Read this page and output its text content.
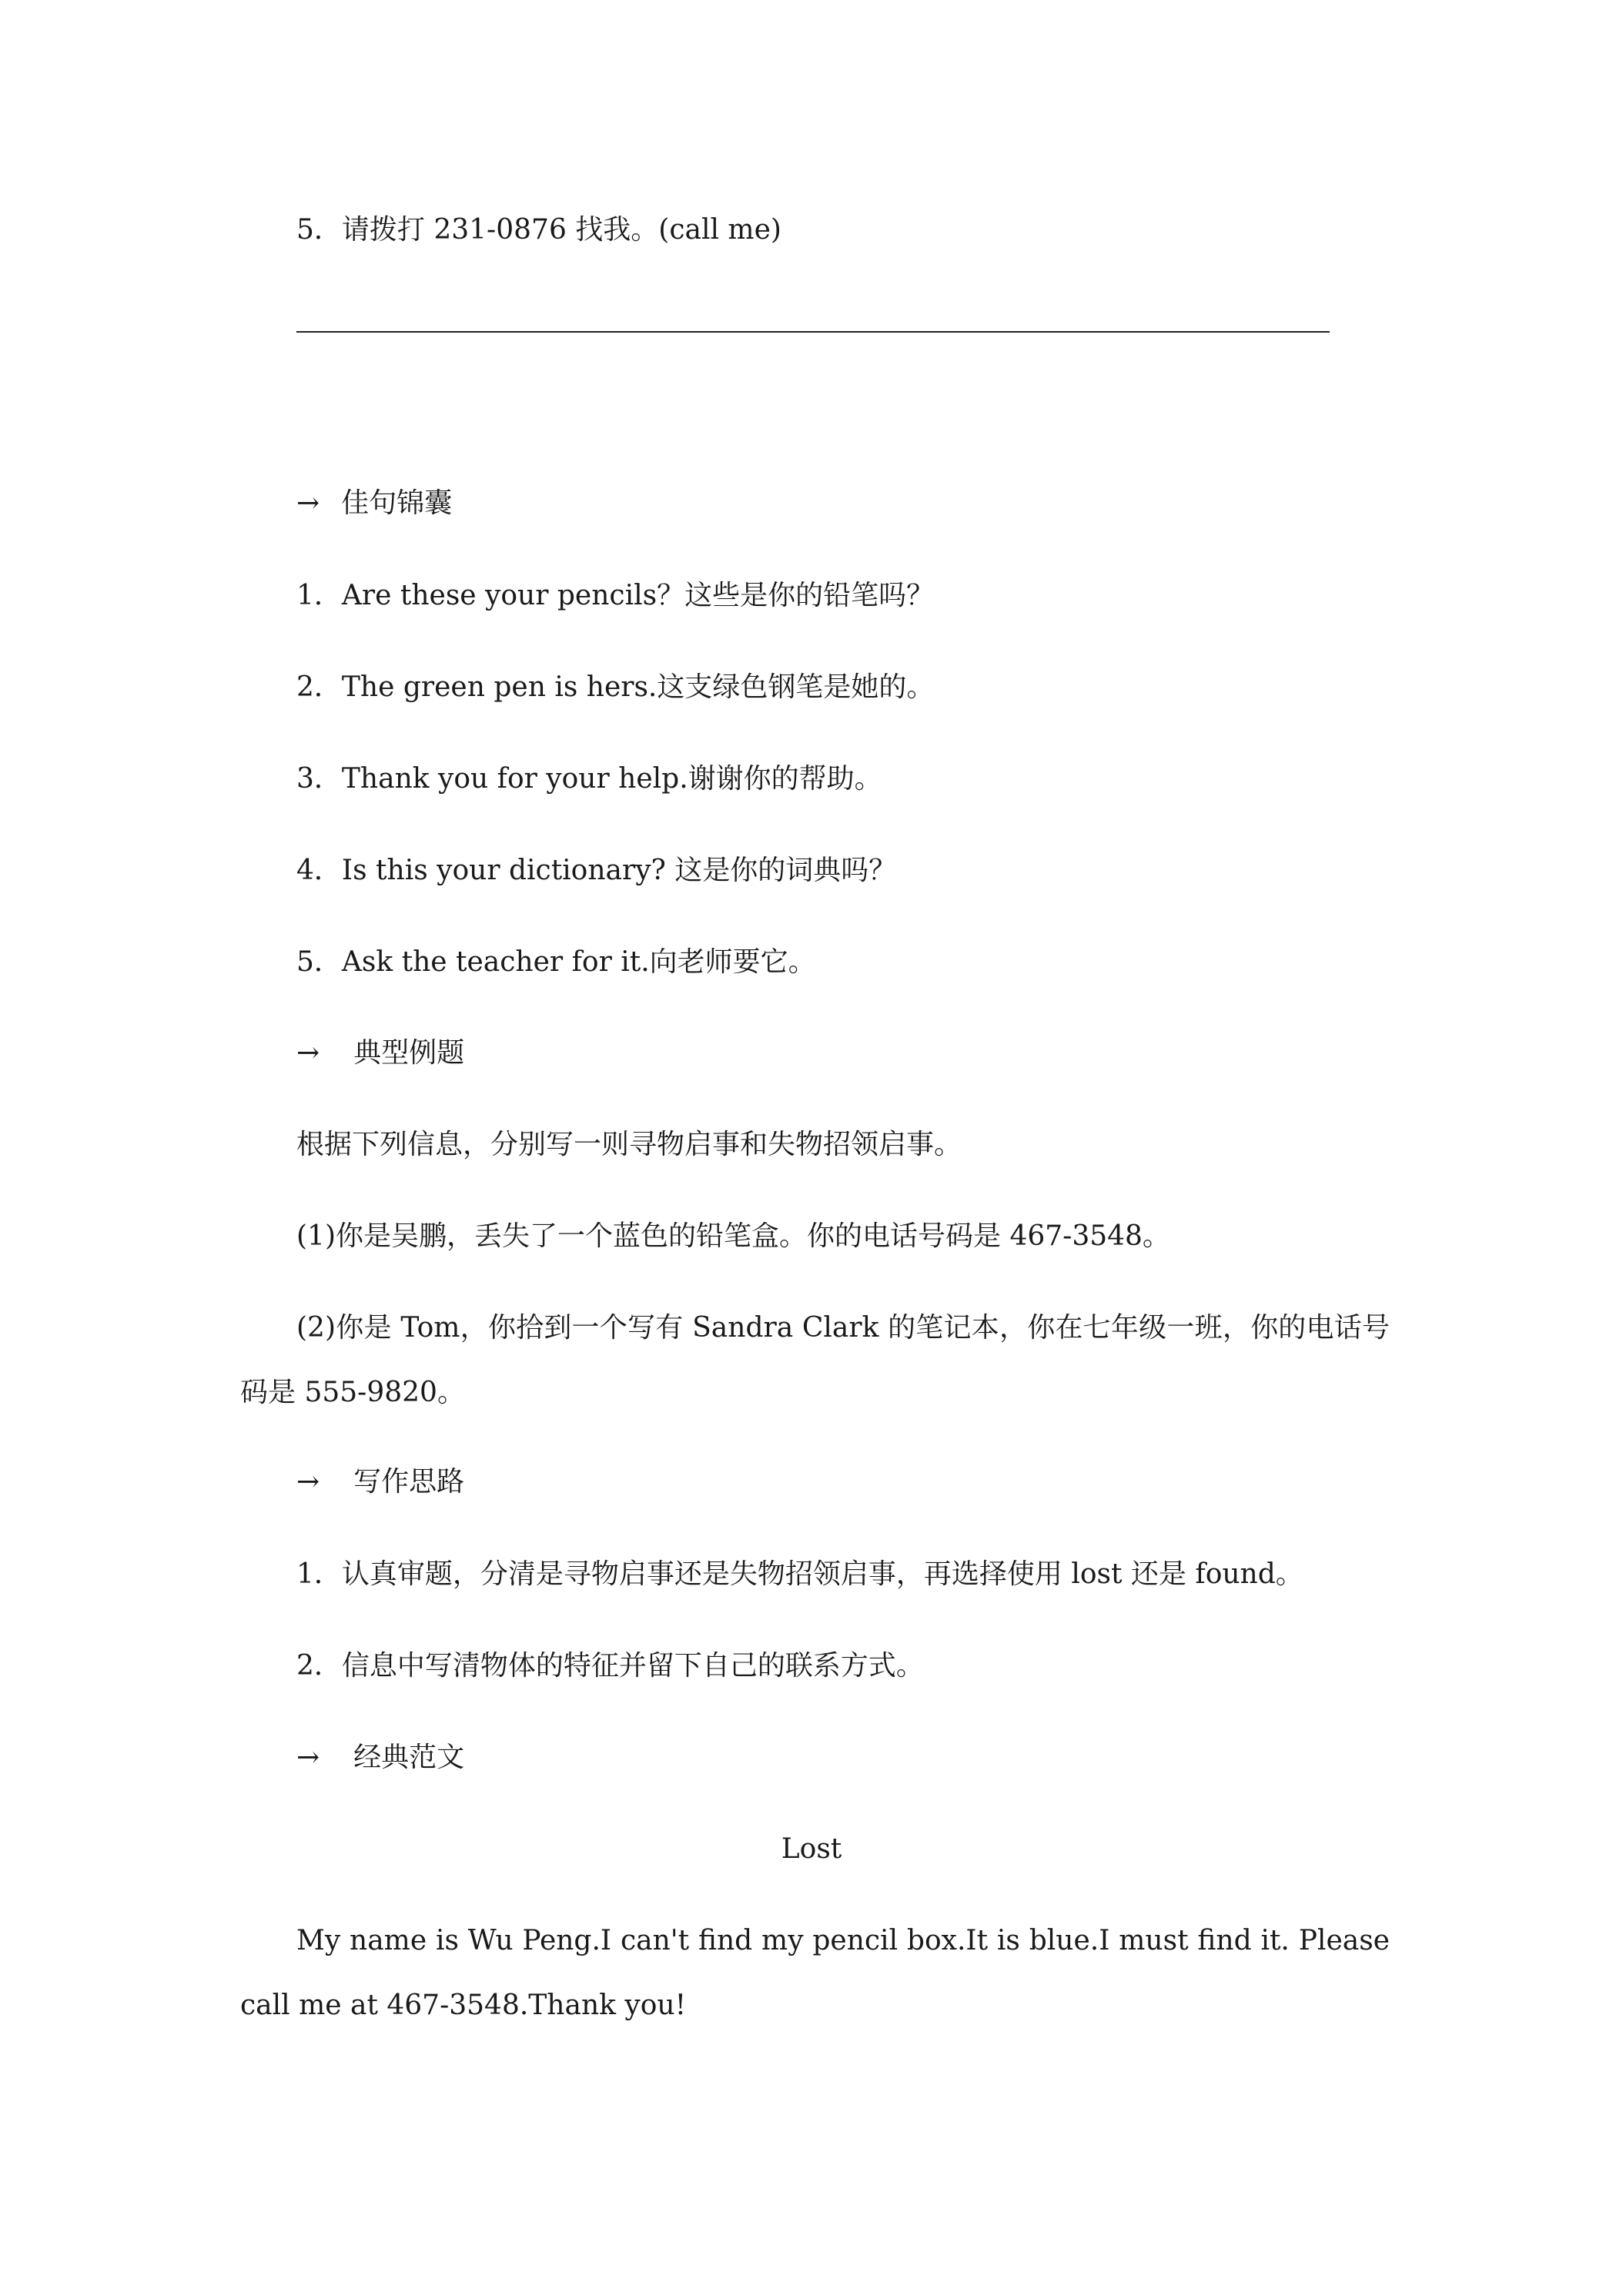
5．请拨打 231-0876 找我。(call me)

→ 佳句锦囊

1．Are these your pencils？这些是你的铅笔吗？

2．The green pen is hers.这支绿色钢笔是她的。

3．Thank you for your help.谢谢你的帮助。

4．Is this your dictionary? 这是你的词典吗？

5．Ask the teacher for it.向老师要它。

→ 典型例题

根据下列信息，分别写一则寻物启事和失物招领启事。

(1)你是吴鹏，丢失了一个蓝色的铅笔盒。你的电话号码是 467-3548。

(2)你是 Tom，你拾到一个写有 Sandra Clark 的笔记本，你在七年级一班，你的电话号码是 555-9820。

→ 写作思路

1．认真审题，分清是寻物启事还是失物招领启事，再选择使用 lost 还是 found。

2．信息中写清物体的特征并留下自己的联系方式。

→ 经典范文

Lost

My name is Wu Peng.I can't find my pencil box.It is blue.I must find it. Please call me at 467-3548.Thank you!
